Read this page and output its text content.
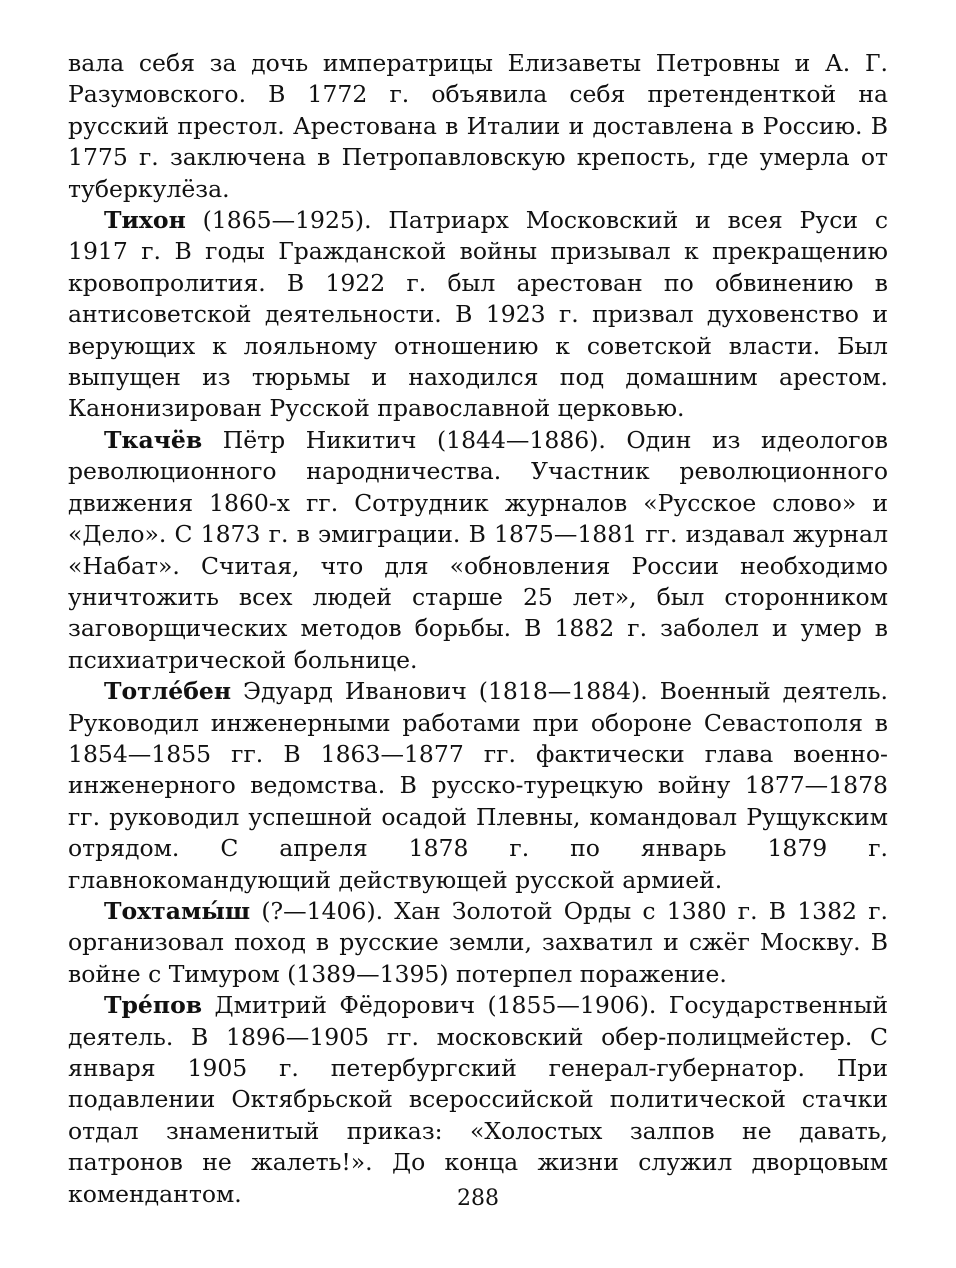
вала себя за дочь императрицы Елизаветы Петровны и А. Г. Разумовского. В 1772 г. объявила себя претенденткой на русский престол. Арестована в Италии и доставлена в Россию. В 1775 г. заключена в Петропавловскую крепость, где умерла от туберкулёза.

Тихон (1865—1925). Патриарх Московский и всея Руси с 1917 г. В годы Гражданской войны призывал к прекращению кровопролития. В 1922 г. был арестован по обвинению в антисоветской деятельности. В 1923 г. призвал духовенство и верующих к лояльному отношению к советской власти. Был выпущен из тюрьмы и находился под домашним арестом. Канонизирован Русской православной церковью.

Ткачёв Пётр Никитич (1844—1886). Один из идеологов революционного народничества. Участник революционного движения 1860-х гг. Сотрудник журналов «Русское слово» и «Дело». С 1873 г. в эмиграции. В 1875—1881 гг. издавал журнал «Набат». Считая, что для «обновления России необходимо уничтожить всех людей старше 25 лет», был сторонником заговорщических методов борьбы. В 1882 г. заболел и умер в психиатрической больнице.

Тотле́бен Эдуард Иванович (1818—1884). Военный деятель. Руководил инженерными работами при обороне Севастополя в 1854—1855 гг. В 1863—1877 гг. фактически глава военно-инженерного ведомства. В русско-турецкую войну 1877—1878 гг. руководил успешной осадой Плевны, командовал Рущукским отрядом. С апреля 1878 г. по январь 1879 г. главнокомандующий действующей русской армией.

Тохтамы́ш (?—1406). Хан Золотой Орды с 1380 г. В 1382 г. организовал поход в русские земли, захватил и сжёг Москву. В войне с Тимуром (1389—1395) потерпел поражение.

Тре́пов Дмитрий Фёдорович (1855—1906). Государственный деятель. В 1896—1905 гг. московский обер-полицмейстер. С января 1905 г. петербургский генерал-губернатор. При подавлении Октябрьской всероссийской политической стачки отдал знаменитый приказ: «Холостых залпов не давать, патронов не жалеть!». До конца жизни служил дворцовым комендантом.	288
